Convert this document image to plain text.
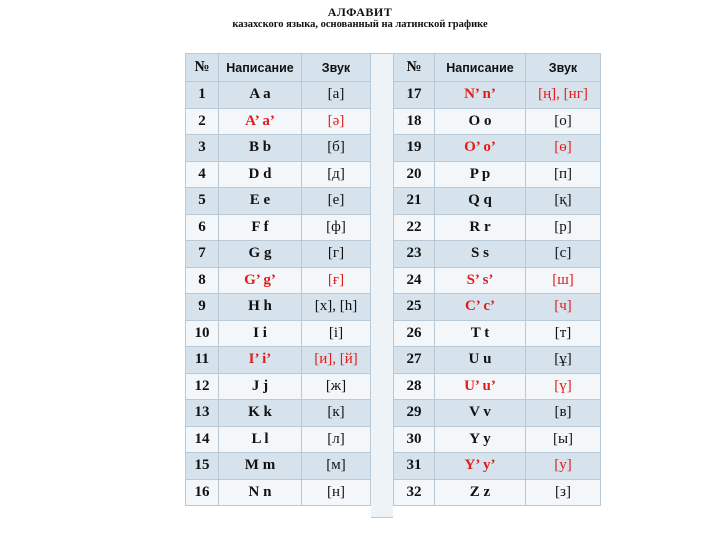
АЛФАВИТ
казахского языка, основанный на латинской графике
№	Написание	Звук
1	A a	[а]
2	A’ a’	[ә]
3	B b	[б]
4	D d	[д]
5	E e	[е]
6	F f	[ф]
7	G g	[г]
8	G’ g’	[ғ]
9	H h	[х], [h]
10	I i	[і]
11	I’ i’	[и], [й]
12	J j	[ж]
13	K k	[к]
14	L l	[л]
15	M m	[м]
16	N n	[н]
№	Написание	Звук
17	N’ n’	[ң], [нг]
18	O o	[о]
19	O’ o’	[ө]
20	P p	[п]
21	Q q	[қ]
22	R r	[р]
23	S s	[с]
24	S’ s’	[ш]
25	C’ c’	[ч]
26	T t	[т]
27	U u	[ұ]
28	U’ u’	[ү]
29	V v	[в]
30	Y y	[ы]
31	Y’ y’	[у]
32	Z z	[з]
